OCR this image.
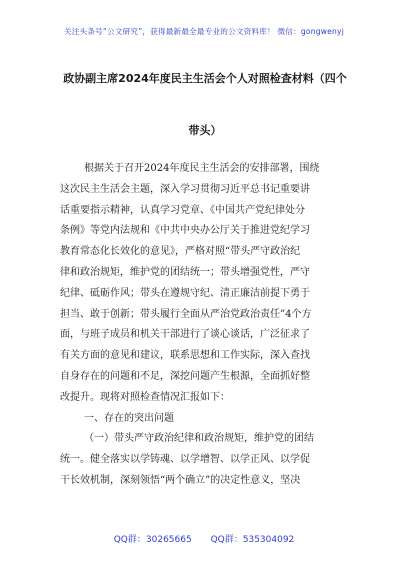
关注头条号“公文研究”，获得最新最全最专业的公文资料库！ 微信：gongwenyj
政协副主席2024年度民主生活会个人对照检查材料（四个
带头）
根据关于召开2024年度民主生活会的安排部署，围绕
这次民主生活会主题，深入学习贯彻习近平总书记重要讲
话重要指示精神，认真学习党章、《中国共产党纪律处分
条例》等党内法规和《中共中央办公厅关于推进党纪学习
教育常态化长效化的意见》，严格对照“带头严守政治纪
律和政治规矩，维护党的团结统一；带头增强党性，严守
纪律、砥砺作风；带头在遵规守纪、清正廉洁前提下勇于
担当、敢于创新；带头履行全面从严治党政治责任”4个方
面，与班子成员和机关干部进行了谈心谈话，广泛征求了
有关方面的意见和建议，联系思想和工作实际，深入查找
自身存在的问题和不足，深挖问题产生根源，全面抓好整
改提升。现将对照检查情况汇报如下：
一、存在的突出问题
（一）带头严守政治纪律和政治规矩，维护党的团结
统一。健全落实以学铸魂、以学增智、以学正风、以学促
干长效机制，深刻领悟“两个确立”的决定性意义，坚决
QQ群：30265665 QQ群：535304092
